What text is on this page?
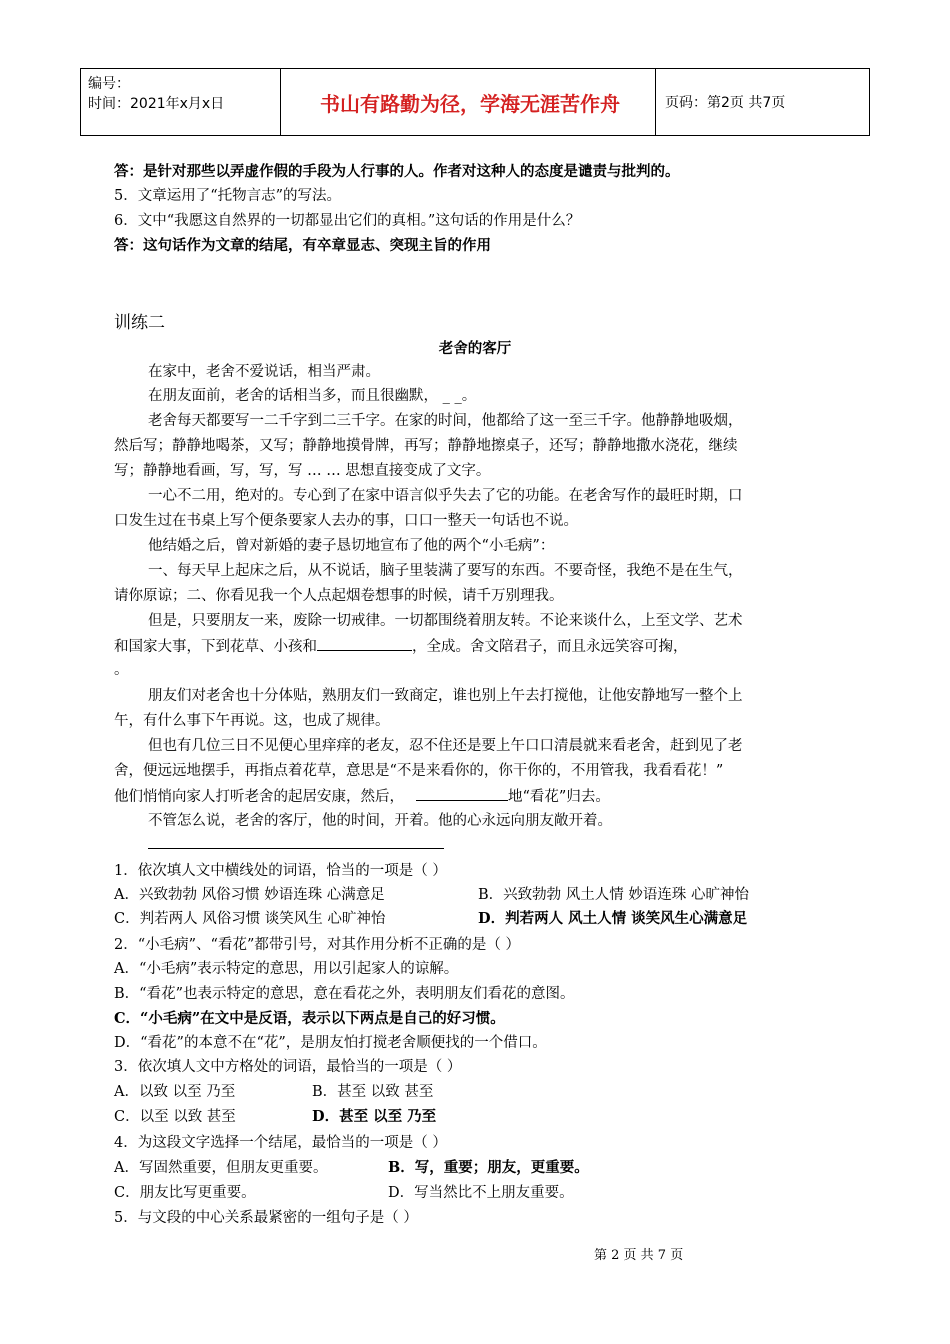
编号：
时间：2021年x月x日	书山有路勤为径，学海无涯苦作舟	页码：第2页 共7页
答：是针对那些以弄虚作假的手段为人行事的人。作者对这种人的态度是谴责与批判的。
5．文章运用了“托物言志”的写法。
6．文中“我愿这自然界的一切都显出它们的真相。”这句话的作用是什么？
答：这句话作为文章的结尾，有卒章显志、突现主旨的作用
训练二
老舍的客厅
在家中，老舍不爱说话，相当严肃。
在朋友面前，老舍的话相当多，而且很幽默， _ _。
老舍每天都要写一二千字到二三千字。在家的时间，他都给了这一至三千字。他静静地吸烟，
然后写；静静地喝茶，又写；静静地摸骨牌，再写；静静地擦桌子，还写；静静地撒水浇花，继续
写；静静地看画，写，写，写 … … 思想直接变成了文字。
一心不二用，绝对的。专心到了在家中语言似乎失去了它的功能。在老舍写作的最旺时期，口
口发生过在书桌上写个便条要家人去办的事，口口一整天一句话也不说。
他结婚之后，曾对新婚的妻子恳切地宣布了他的两个“小毛病”：
一、每天早上起床之后，从不说话，脑子里装满了要写的东西。不要奇怪，我绝不是在生气，
请你原谅；二、你看见我一个人点起烟卷想事的时候，请千万别理我。
但是，只要朋友一来，废除一切戒律。一切都围绕着朋友转。不论来谈什么，上至文学、艺术
和国家大事，下到花草、小孩和	，全成。舍文陪君子，而且永远笑容可掬，
。
朋友们对老舍也十分体贴，熟朋友们一致商定，谁也别上午去打搅他，让他安静地写一整个上
午，有什么事下午再说。这，也成了规律。
但也有几位三日不见便心里痒痒的老友，忍不住还是要上午口口清晨就来看老舍，赶到见了老
舍，便远远地摆手，再指点着花草，意思是“不是来看你的，你干你的，不用管我，我看看花！”
他们悄悄向家人打听老舍的起居安康，然后，	地“看花”归去。
不管怎么说，老舍的客厅，他的时间，开着。他的心永远向朋友敞开着。
1．依次填人文中横线处的词语，恰当的一项是（ ）
A．兴致勃勃 风俗习惯 妙语连珠 心满意足	B．兴致勃勃 风土人情 妙语连珠 心旷神怡
C．判若两人 风俗习惯 谈笑风生 心旷神怡	D．判若两人 风土人情 谈笑风生心满意足
2．“小毛病”、“看花”都带引号，对其作用分析不正确的是（ ）
A．“小毛病”表示特定的意思，用以引起家人的谅解。
B．“看花”也表示特定的意思，意在看花之外，表明朋友们看花的意图。
C．“小毛病”在文中是反语，表示以下两点是自己的好习惯。
D．“看花”的本意不在“花”，是朋友怕打搅老舍顺便找的一个借口。
3．依次填人文中方格处的词语，最恰当的一项是（ ）
A．以致 以至 乃至	B．甚至 以致 甚至
C．以至 以致 甚至	D．甚至 以至 乃至
4．为这段文字选择一个结尾，最恰当的一项是（ ）
A．写固然重要，但朋友更重要。	B．写，重要；朋友，更重要。
C．朋友比写更重要。	D．写当然比不上朋友重要。
5．与文段的中心关系最紧密的一组句子是（ ）
第 2 页 共 7 页
